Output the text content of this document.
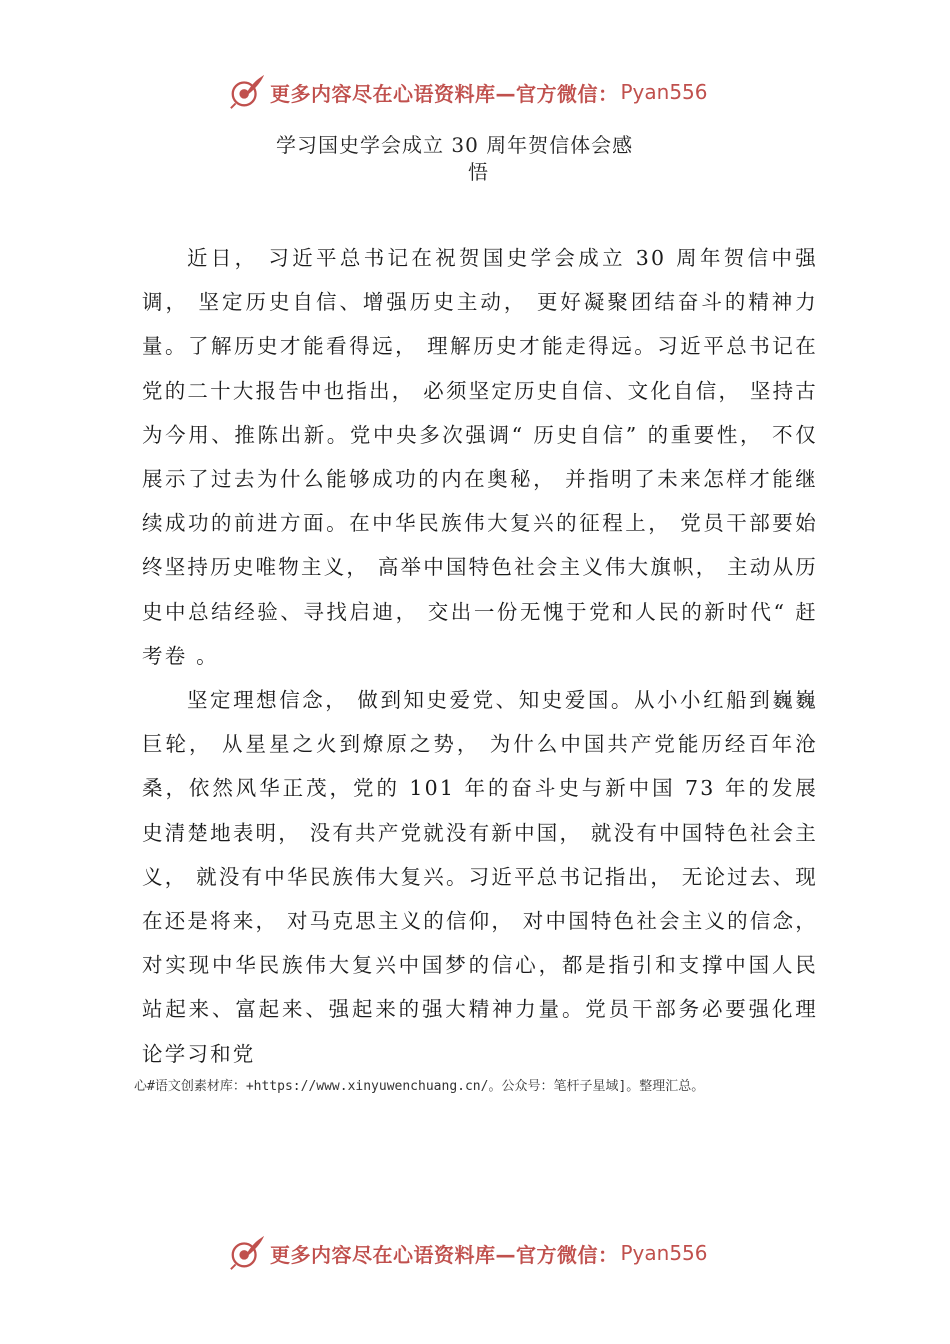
更多内容尽在心语资料库—官方微信： Pyan556
学习国史学会成立 30 周年贺信体会感
悟

近日， 习近平总书记在祝贺国史学会成立 30 周年贺信中强调， 坚定历史自信、增强历史主动， 更好凝聚团结奋斗的精神力量。了解历史才能看得远， 理解历史才能走得远。习近平总书记在党的二十大报告中也指出， 必须坚定历史自信、文化自信， 坚持古为今用、推陈出新。党中央多次强调“ 历史自信” 的重要性， 不仅展示了过去为什么能够成功的内在奥秘， 并指明了未来怎样才能继续成功的前进方面。在中华民族伟大复兴的征程上， 党员干部要始终坚持历史唯物主义， 高举中国特色社会主义伟大旗帜， 主动从历史中总结经验、寻找启迪， 交出一份无愧于党和人民的新时代“ 赶考卷 。

坚定理想信念， 做到知史爱党、知史爱国。从小小红船到巍巍巨轮， 从星星之火到燎原之势， 为什么中国共产党能历经百年沧桑，依然风华正茂，党的 101 年的奋斗史与新中国 73 年的发展史清楚地表明， 没有共产党就没有新中国， 就没有中国特色社会主义， 就没有中华民族伟大复兴。习近平总书记指出， 无论过去、现在还是将来， 对马克思主义的信仰， 对中国特色社会主义的信念， 对实现中华民族伟大复兴中国梦的信心，都是指引和支撑中国人民站起来、富起来、强起来的强大精神力量。党员干部务必要强化理论学习和党

心#语文创素材库：+https://www.xinyuwenchuang.cn/。公众号：笔杆子星域]。整理汇总。
更多内容尽在心语资料库—官方微信： Pyan556
